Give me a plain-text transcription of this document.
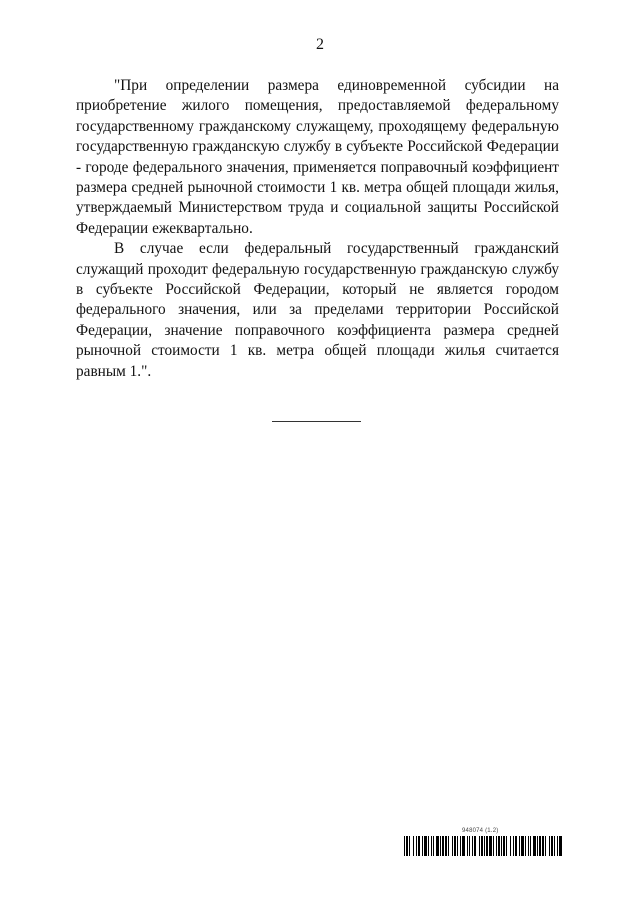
2

"При определении размера единовременной субсидии на приобретение жилого помещения, предоставляемой федеральному государственному гражданскому служащему, проходящему федеральную государственную гражданскую службу в субъекте Российской Федерации - городе федерального значения, применяется поправочный коэффициент размера средней рыночной стоимости 1 кв. метра общей площади жилья, утверждаемый Министерством труда и социальной защиты Российской Федерации ежеквартально.

В случае если федеральный государственный гражданский служащий проходит федеральную государственную гражданскую службу в субъекте Российской Федерации, который не является городом федерального значения, или за пределами территории Российской Федерации, значение поправочного коэффициента размера средней рыночной стоимости 1 кв. метра общей площади жилья считается равным 1.".

948074 (1.2)
